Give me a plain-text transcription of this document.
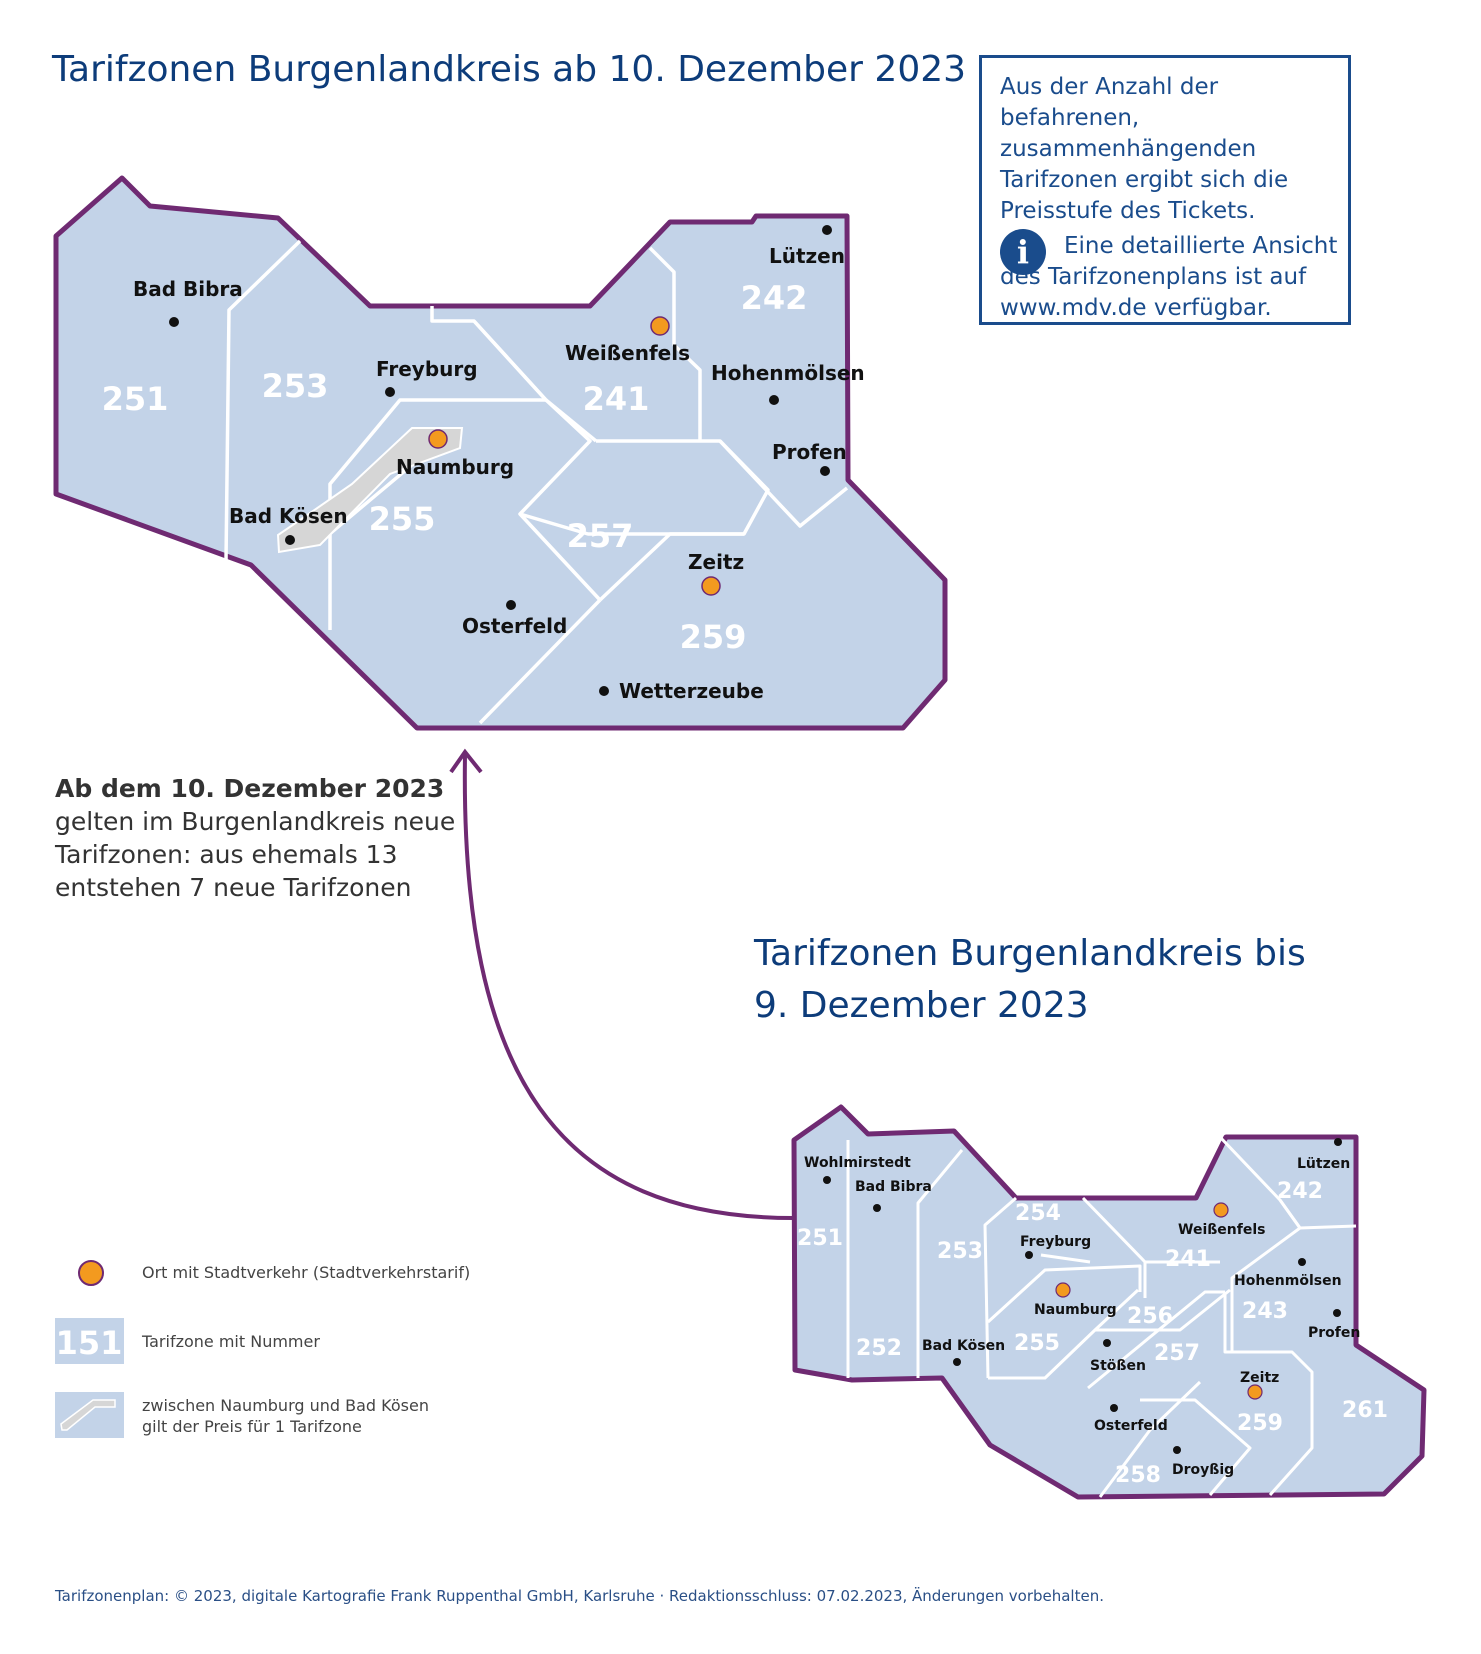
Tarifzonen Burgenlandkreis ab 10. Dezember 2023
Tarifzonen Burgenlandkreis bis
9. Dezember 2023

Aus der Anzahl der befahrenen, zusammenhängenden Tarifzonen ergibt sich die Preisstufe des Tickets.

i	Eine detaillierte Ansicht des Tarifzonenplans ist auf www.mdv.de verfügbar.
251	253	241
242
255	257
259
Bad Bibra
Freyburg
Weißenfels
Lützen
Hohenmölsen
Profen
Naumburg
Bad Kösen
Zeitz
Osterfeld
Wetterzeube
251
252
253
254
255
256
257
241
242
243
259
258
261
Wohlmirstedt
Bad Bibra
Freyburg
Weißenfels
Lützen
Hohenmölsen
Naumburg
Profen
Bad Kösen
Stößen
Zeitz
Osterfeld
Droyßig
151
Ab dem 10. Dezember 2023
gelten im Burgenlandkreis neue Tarifzonen: aus ehemals 13 entstehen 7 neue Tarifzonen
Ort mit Stadtverkehr (Stadtverkehrstarif)
Tarifzone mit Nummer
zwischen Naumburg und Bad Kösen
gilt der Preis für 1 Tarifzone
Tarifzonenplan: © 2023, digitale Kartografie Frank Ruppenthal GmbH, Karlsruhe · Redaktionsschluss: 07.02.2023, Änderungen vorbehalten.
